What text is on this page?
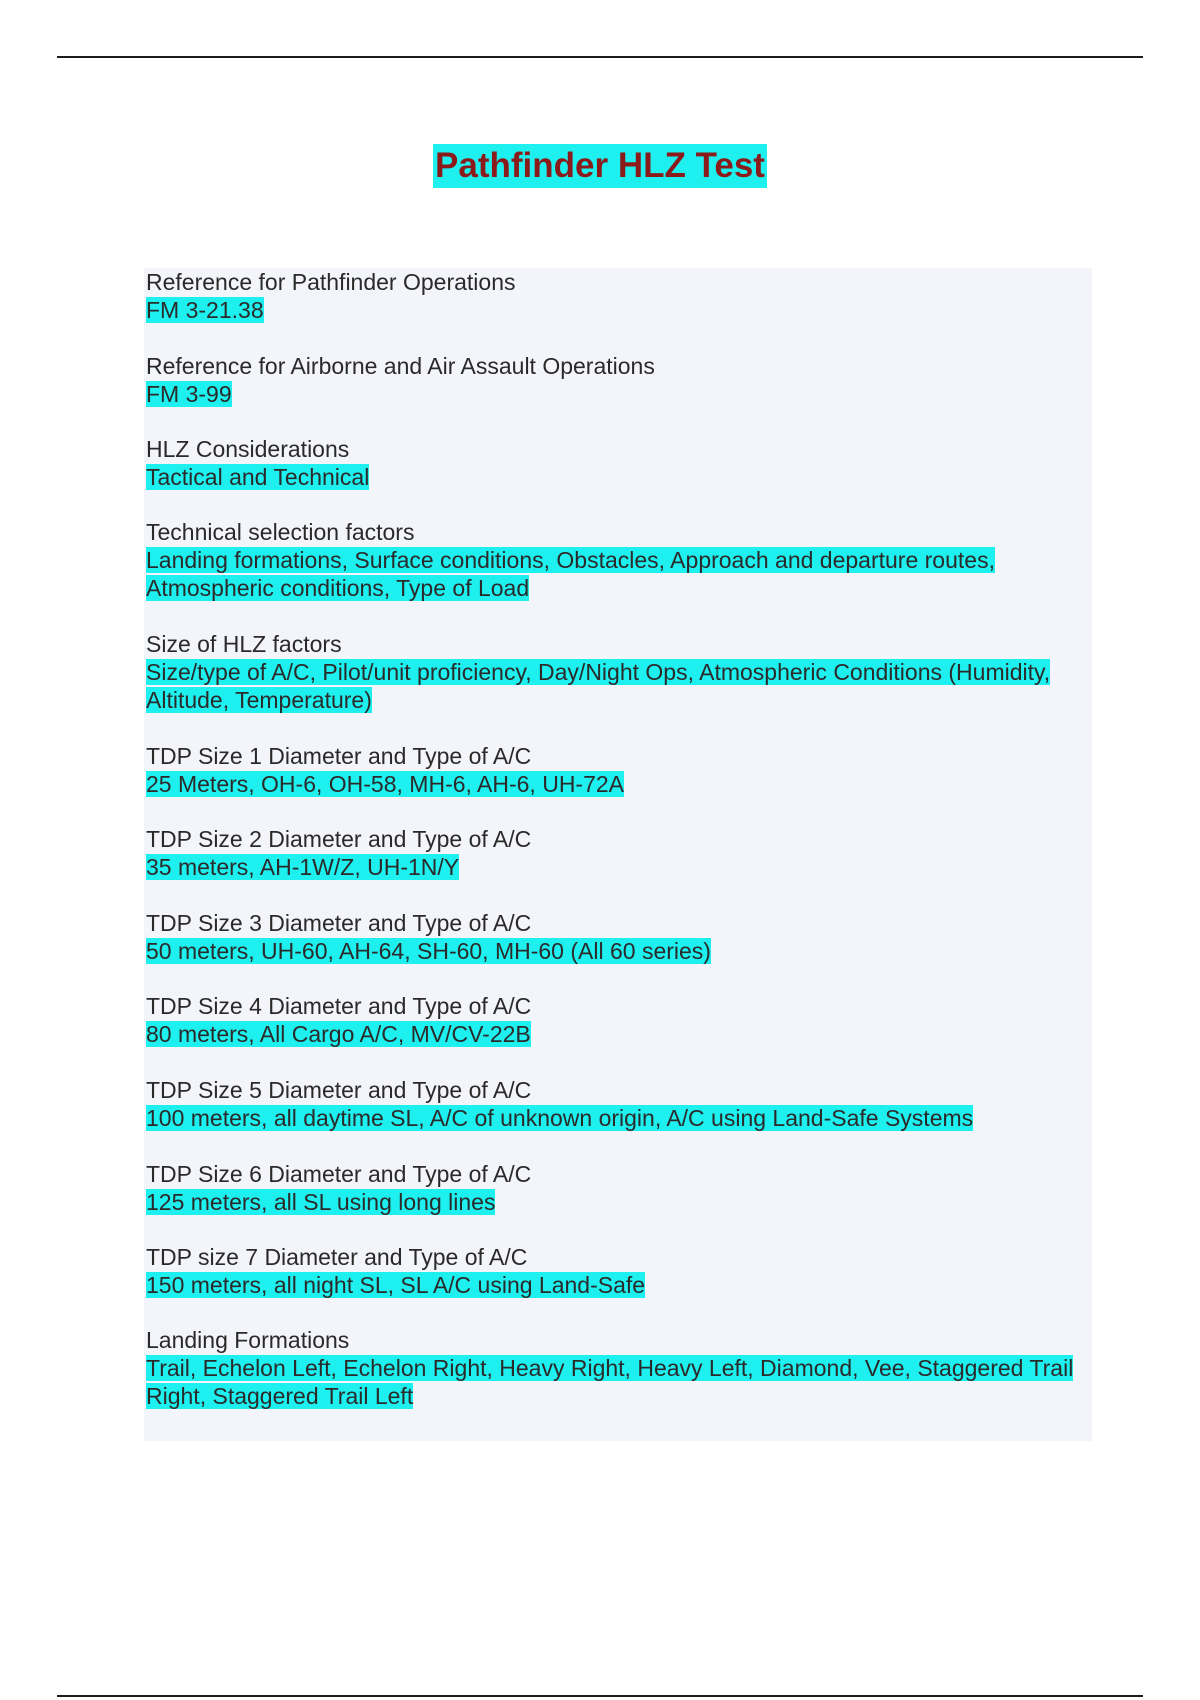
Pathfinder HLZ Test

Reference for Pathfinder Operations

FM 3-21.38

Reference for Airborne and Air Assault Operations

FM 3-99

HLZ Considerations

Tactical and Technical

Technical selection factors

Landing formations, Surface conditions, Obstacles, Approach and departure routes, Atmospheric conditions, Type of Load

Size of HLZ factors

Size/type of A/C, Pilot/unit proficiency, Day/Night Ops, Atmospheric Conditions (Humidity, Altitude, Temperature)

TDP Size 1 Diameter and Type of A/C

25 Meters, OH-6, OH-58, MH-6, AH-6, UH-72A

TDP Size 2 Diameter and Type of A/C

35 meters, AH-1W/Z, UH-1N/Y

TDP Size 3 Diameter and Type of A/C

50 meters, UH-60, AH-64, SH-60, MH-60 (All 60 series)

TDP Size 4 Diameter and Type of A/C

80 meters, All Cargo A/C, MV/CV-22B

TDP Size 5 Diameter and Type of A/C

100 meters, all daytime SL, A/C of unknown origin, A/C using Land-Safe Systems

TDP Size 6 Diameter and Type of A/C

125 meters, all SL using long lines

TDP size 7 Diameter and Type of A/C

150 meters, all night SL, SL A/C using Land-Safe

Landing Formations

Trail, Echelon Left, Echelon Right, Heavy Right, Heavy Left, Diamond, Vee, Staggered Trail Right, Staggered Trail Left
